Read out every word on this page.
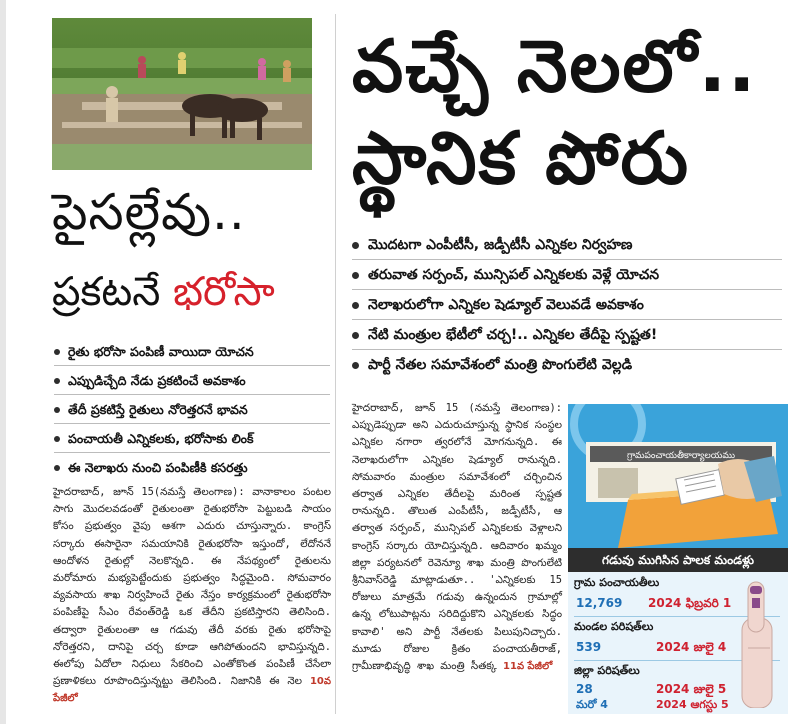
పైసల్లేవు..
ప్రకటనే భరోసా
రైతు భరోసా పంపిణీ వాయిదా యోచన
ఎప్పుడిచ్చేది నేడు ప్రకటించే అవకాశం
తేదీ ప్రకటిస్తే రైతులు నోరెత్తరనే భావన
పంచాయతీ ఎన్నికలకు, భరోసాకు లింక్
ఈ నెలాఖరు నుంచి పంపిణీకి కసరత్తు
హైదరాబాద్, జూన్ 15(నమస్తే తెలంగాణ): వానాకాలం పంటల సాగు మొదలవడంతో రైతులంతా రైతుభరోసా పెట్టుబడి సాయం కోసం ప్రభుత్వం వైపు ఆశగా ఎదురు చూస్తున్నారు. కాంగ్రెస్ సర్కారు ఈసారైనా సమయానికి రైతుభరోసా ఇస్తుందో, లేదోననే ఆందోళన రైతుల్లో నెలకొన్నది. ఈ నేపథ్యంలో రైతులను మరోమారు మభ్యపెట్టేందుకు ప్రభుత్వం సిద్ధమైంది. సోమవారం వ్యవసాయ శాఖ నిర్వహించే రైతు నేస్తం కార్యక్రమంలో రైతుభరోసా పంపిణీపై సీఎం రేవంత్‌రెడ్డి ఒక తేదీని ప్రకటిస్తారని తెలిసింది. తద్వారా రైతులంతా ఆ గడువు తేదీ వరకు రైతు భరోసాపై నోరెత్తరని, దానిపై చర్చ కూడా ఆగిపోతుందని భావిస్తున్నది. ఈలోపు ఏదోలా నిధులు సేకరించి ఎంతోకొంత పంపిణీ చేసేలా ప్రణాళికలు రూపొందిస్తున్నట్టు తెలిసింది. నిజానికి ఈ నెల 10వ పేజీలో
వచ్చే నెలలో..
స్థానిక పోరు
మొదటగా ఎంపీటీసీ, జడ్పీటీసీ ఎన్నికల నిర్వహణ
తరువాత సర్పంచ్, మున్సిపల్ ఎన్నికలకు వెళ్లే యోచన
నెలాఖరులోగా ఎన్నికల షెడ్యూల్ వెలువడే అవకాశం
నేటి మంత్రుల భేటీలో చర్చ!.. ఎన్నికల తేదీపై స్పష్టత!
పార్టీ నేతల సమావేశంలో మంత్రి పొంగులేటి వెల్లడి
హైదరాబాద్, జూన్ 15 (నమస్తే తెలంగాణ): ఎప్పుడెప్పుడా అని ఎదురుచూస్తున్న స్థానిక సంస్థల ఎన్నికల నగారా త్వరలోనే మోగనున్నది. ఈ నెలాఖరులోగా ఎన్నికల షెడ్యూల్ రానున్నది. సోమవారం మంత్రుల సమావేశంలో చర్చించిన తర్వాత ఎన్నికల తేదీలపై మరింత స్పష్టత రానున్నది. తొలుత ఎంపీటీసీ, జడ్పీటీసీ, ఆ తర్వాత సర్పంచ్, మున్సిపల్ ఎన్నికలకు వెళ్లాలని కాంగ్రెస్ సర్కారు యోచిస్తున్నది. ఆదివారం ఖమ్మం జిల్లా పర్యటనలో రెవెన్యూ శాఖ మంత్రి పొంగులేటి శ్రీనివాస్‌రెడ్డి మాట్లాడుతూ.. 'ఎన్నికలకు 15 రోజులు మాత్రమే గడువు ఉన్నందున గ్రామాల్లో ఉన్న లోటుపాట్లను సరిదిద్దుకొని ఎన్నికలకు సిద్ధం కావాలి' అని పార్టీ నేతలకు పిలుపునిచ్చారు. మూడు రోజుల క్రితం పంచాయతీరాజ్, గ్రామీణాభివృద్ధి శాఖ మంత్రి సీతక్క 11వ పేజీలో
గ్రామపంచాయతీకార్యాలయము
గడువు ముగిసిన పాలక మండళ్లు
గ్రామ పంచాయతీలు
12,769 2024 ఫిబ్రవరి 1
మండల పరిషత్‌లు
539	2024 జులై 4
జిల్లా పరిషత్‌లు
28	2024 జులై 5
మరో 4	2024 ఆగస్టు 5
